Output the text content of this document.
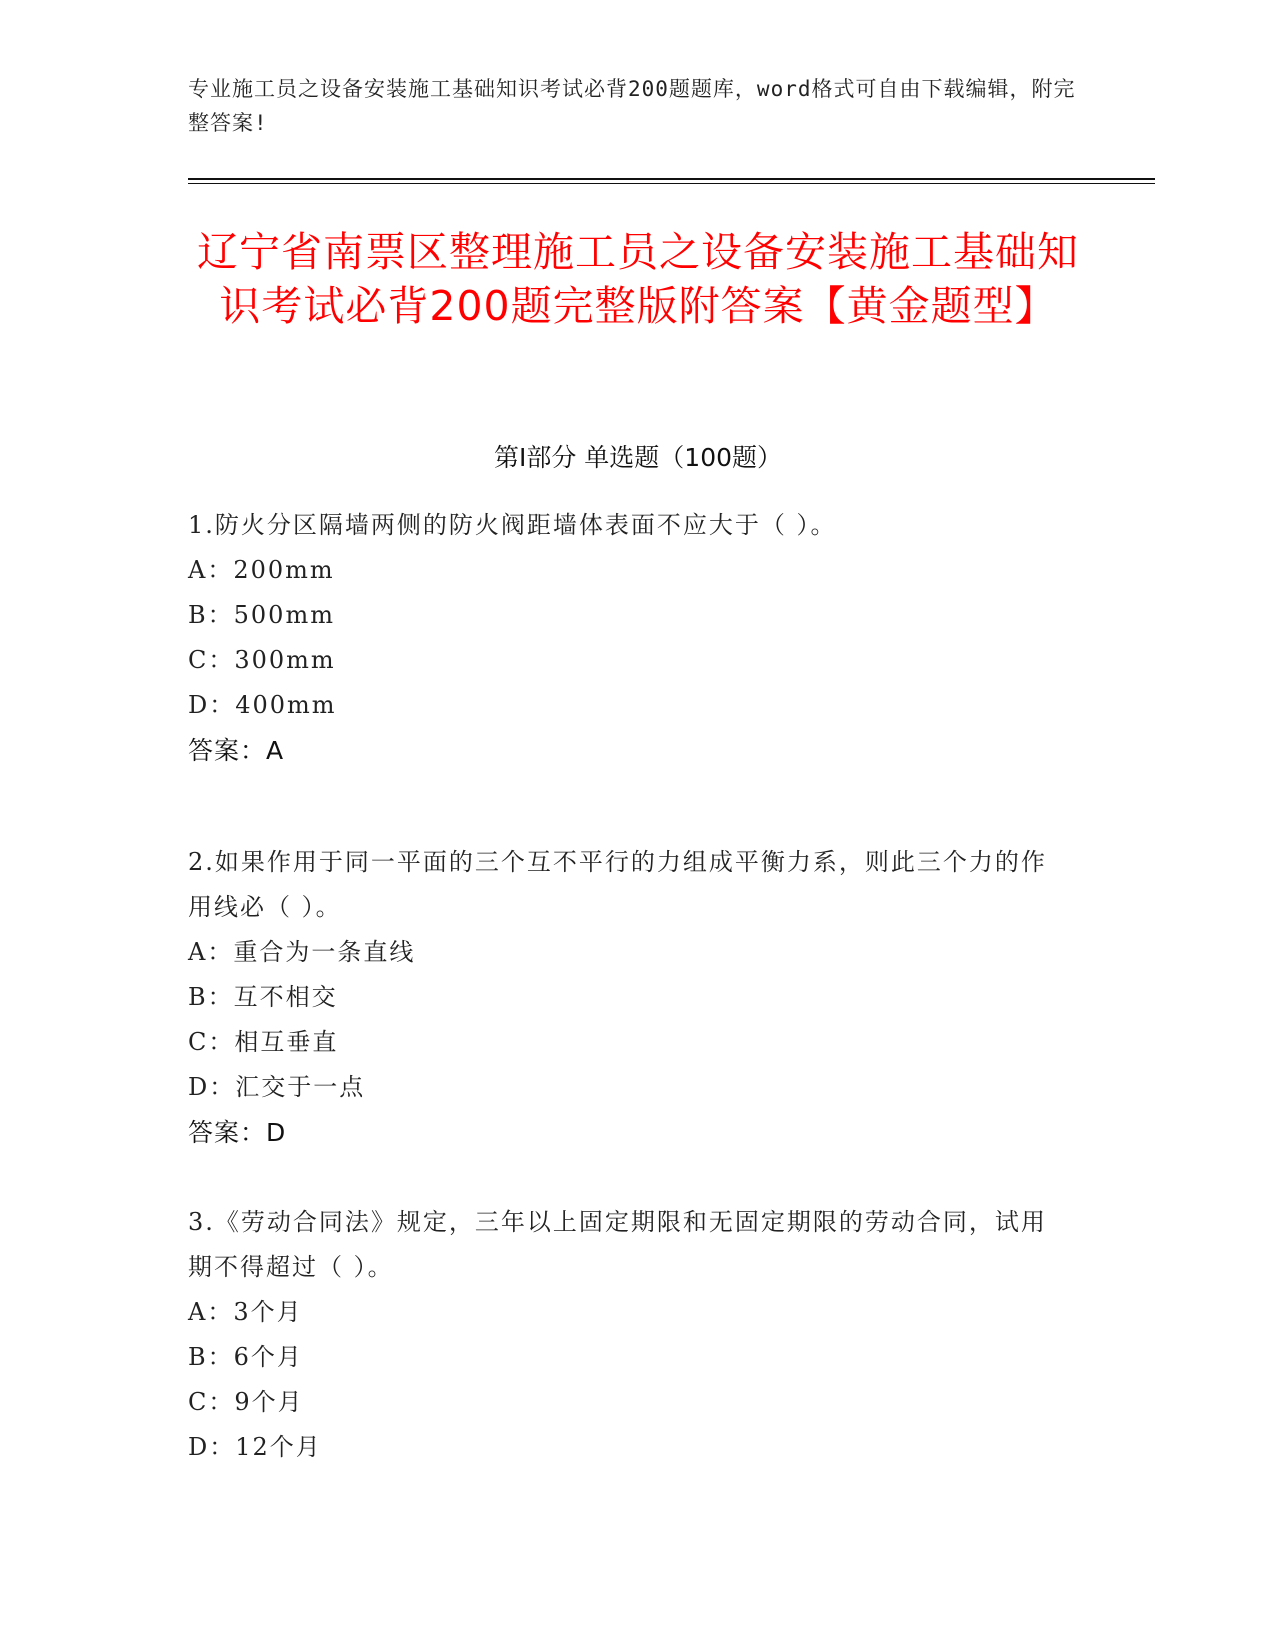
专业施工员之设备安装施工基础知识考试必背200题题库，word格式可自由下载编辑，附完整答案!
辽宁省南票区整理施工员之设备安装施工基础知识考试必背200题完整版附答案【黄金题型】
第I部分 单选题（100题）
1.防火分区隔墙两侧的防火阀距墙体表面不应大于（ ）。
A：200mm
B：500mm
C：300mm
D：400mm
答案：A
2.如果作用于同一平面的三个互不平行的力组成平衡力系，则此三个力的作用线必（ ）。
A：重合为一条直线
B：互不相交
C：相互垂直
D：汇交于一点
答案：D
3.《劳动合同法》规定，三年以上固定期限和无固定期限的劳动合同，试用期不得超过（ ）。
A：3个月
B：6个月
C：9个月
D：12个月
